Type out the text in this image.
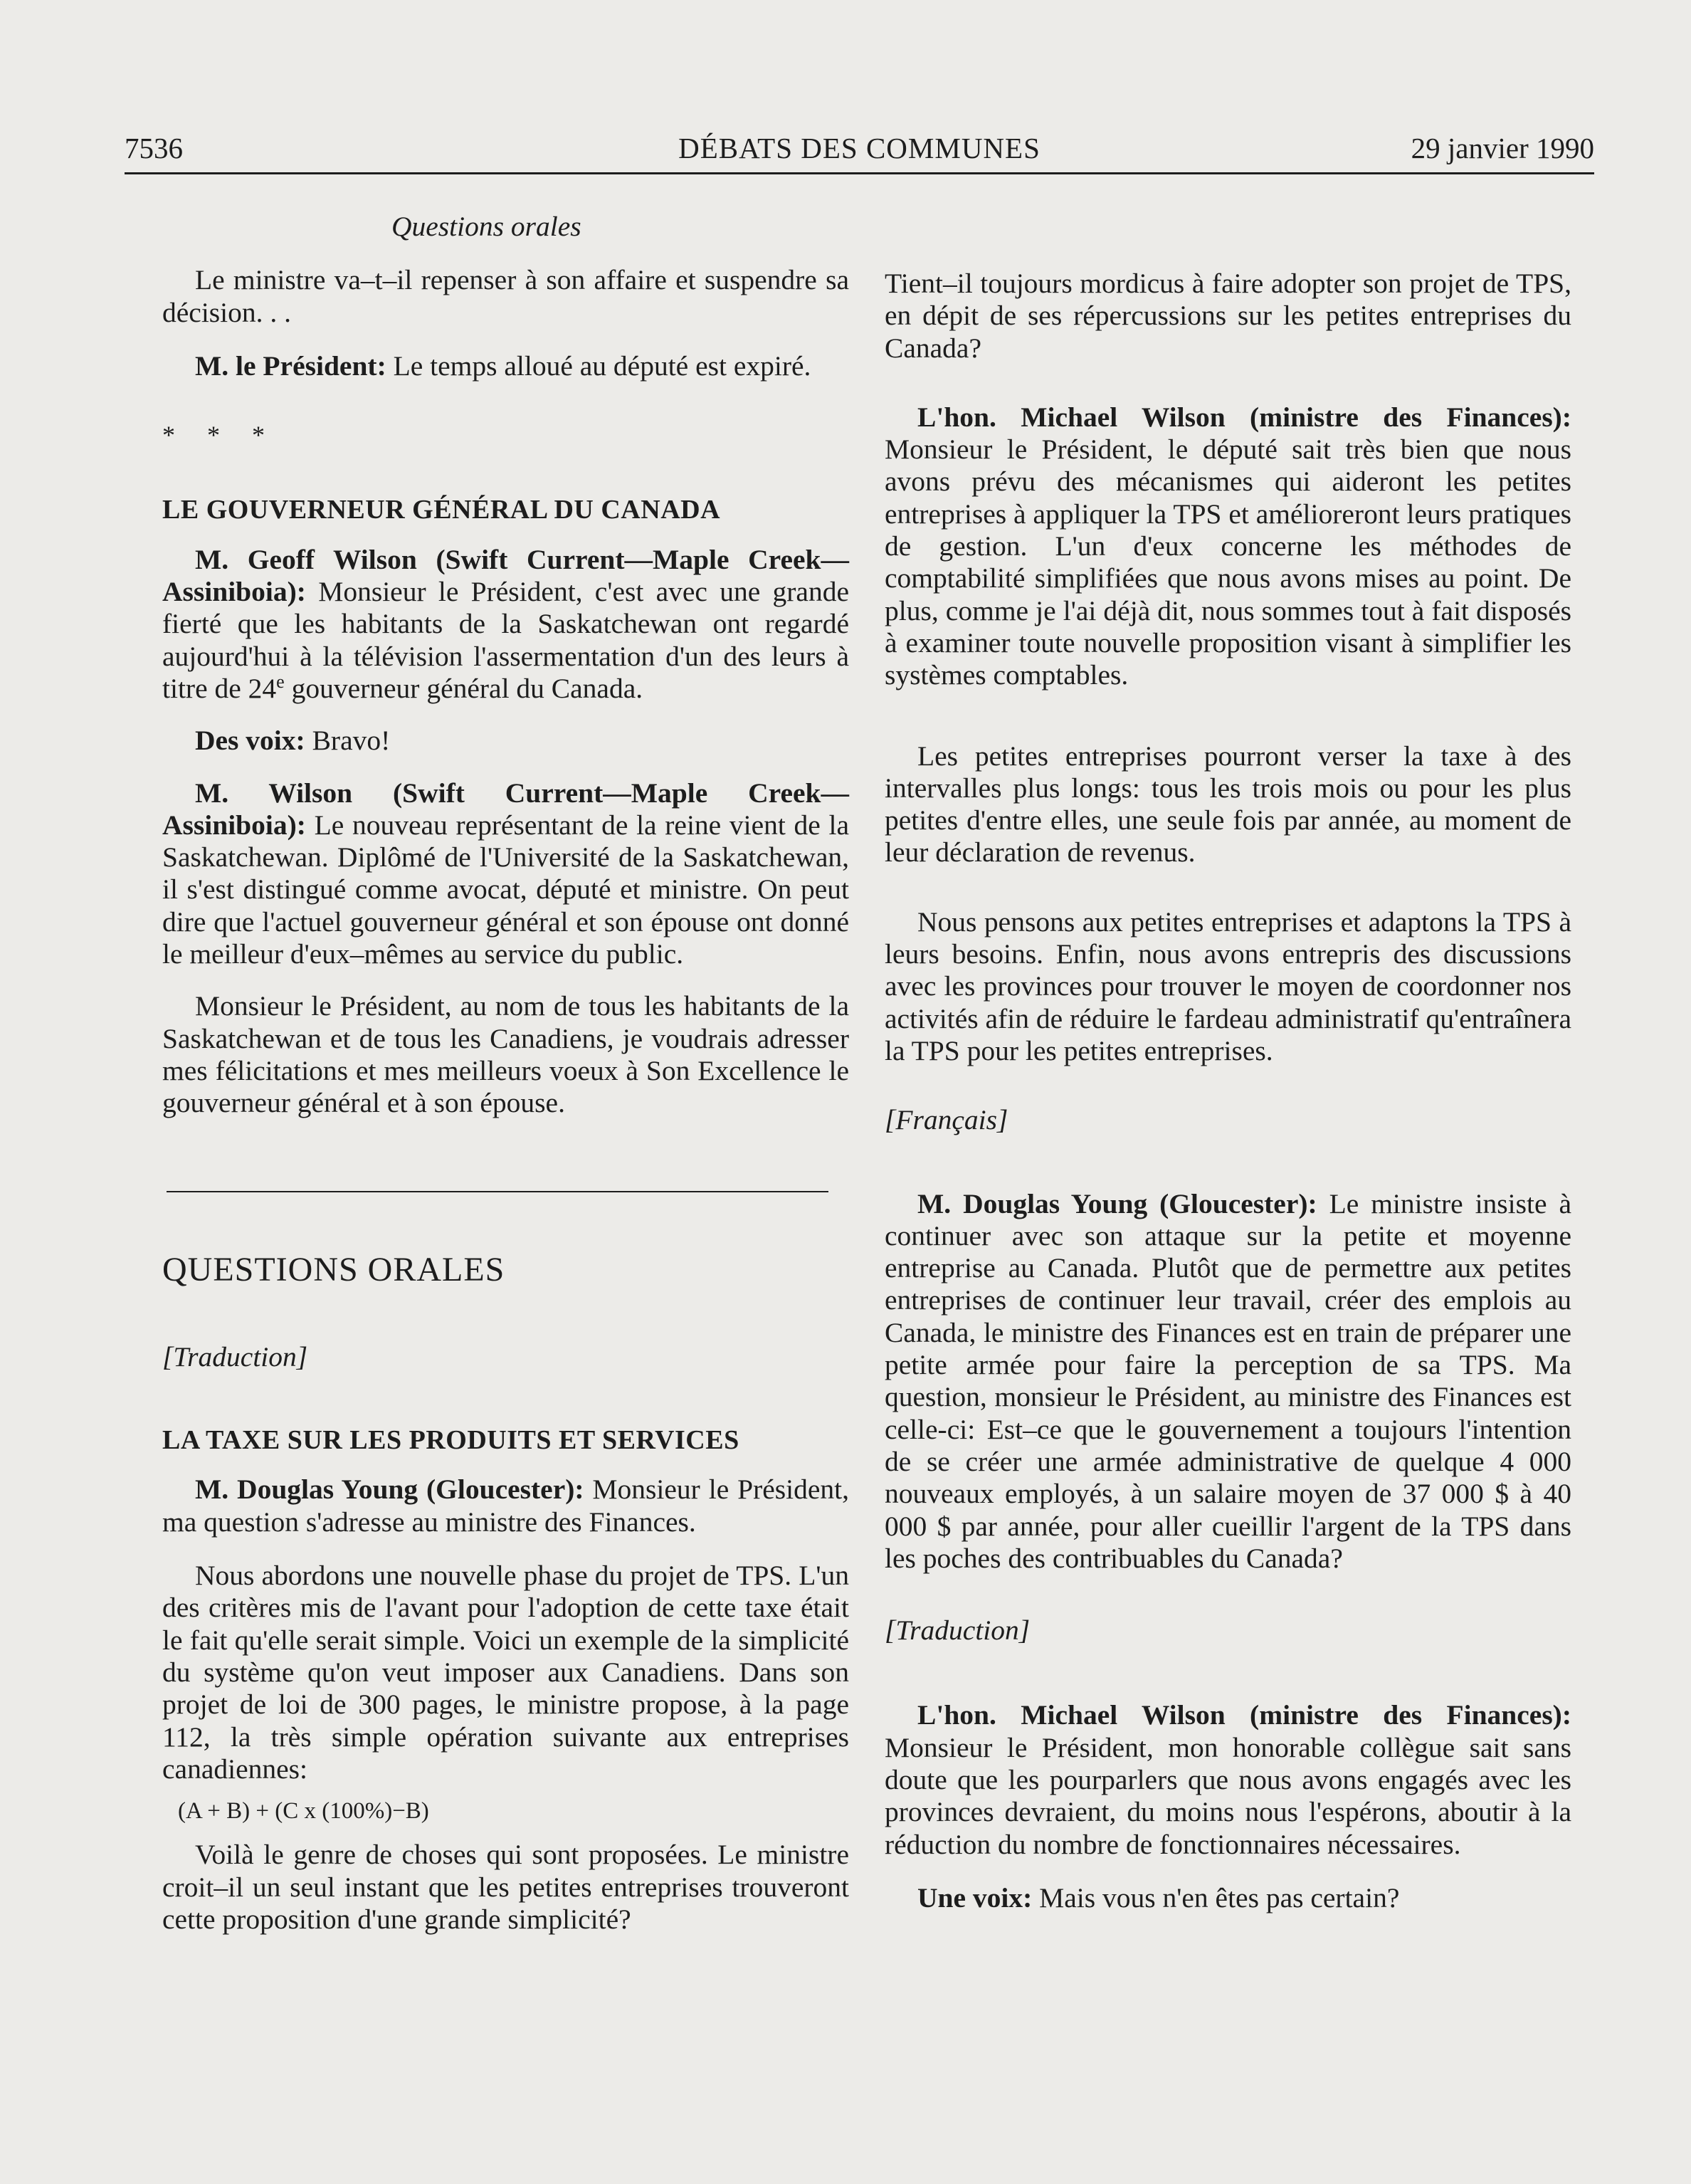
7536	DÉBATS DES COMMUNES	29 janvier 1990

Questions orales

Le ministre va–t–il repenser à son affaire et suspendre sa décision. . .

M. le Président: Le temps alloué au député est expiré.

* * *

LE GOUVERNEUR GÉNÉRAL DU CANADA

M. Geoff Wilson (Swift Current—Maple Creek—Assiniboia): Monsieur le Président, c'est avec une grande fierté que les habitants de la Saskatchewan ont regardé aujourd'hui à la télévision l'assermentation d'un des leurs à titre de 24e gouverneur général du Canada.

Des voix: Bravo!

M. Wilson (Swift Current—Maple Creek—Assiniboia): Le nouveau représentant de la reine vient de la Saskatchewan. Diplômé de l'Université de la Saskatchewan, il s'est distingué comme avocat, député et ministre. On peut dire que l'actuel gouverneur général et son épouse ont donné le meilleur d'eux–mêmes au service du public.

Monsieur le Président, au nom de tous les habitants de la Saskatchewan et de tous les Canadiens, je voudrais adresser mes félicitations et mes meilleurs voeux à Son Excellence le gouverneur général et à son épouse.

QUESTIONS ORALES

[Traduction]

LA TAXE SUR LES PRODUITS ET SERVICES

M. Douglas Young (Gloucester): Monsieur le Président, ma question s'adresse au ministre des Finances.

Nous abordons une nouvelle phase du projet de TPS. L'un des critères mis de l'avant pour l'adoption de cette taxe était le fait qu'elle serait simple. Voici un exemple de la simplicité du système qu'on veut imposer aux Canadiens. Dans son projet de loi de 300 pages, le ministre propose, à la page 112, la très simple opération suivante aux entreprises canadiennes:

(A + B) + (C x (100%)−B)

Voilà le genre de choses qui sont proposées. Le ministre croit–il un seul instant que les petites entreprises trouveront cette proposition d'une grande simplicité?

Tient–il toujours mordicus à faire adopter son projet de TPS, en dépit de ses répercussions sur les petites entreprises du Canada?

L'hon. Michael Wilson (ministre des Finances): Monsieur le Président, le député sait très bien que nous avons prévu des mécanismes qui aideront les petites entreprises à appliquer la TPS et amélioreront leurs pratiques de gestion. L'un d'eux concerne les méthodes de comptabilité simplifiées que nous avons mises au point. De plus, comme je l'ai déjà dit, nous sommes tout à fait disposés à examiner toute nouvelle proposition visant à simplifier les systèmes comptables.

Les petites entreprises pourront verser la taxe à des intervalles plus longs: tous les trois mois ou pour les plus petites d'entre elles, une seule fois par année, au moment de leur déclaration de revenus.

Nous pensons aux petites entreprises et adaptons la TPS à leurs besoins. Enfin, nous avons entrepris des discussions avec les provinces pour trouver le moyen de coordonner nos activités afin de réduire le fardeau administratif qu'entraînera la TPS pour les petites entreprises.

[Français]

M. Douglas Young (Gloucester): Le ministre insiste à continuer avec son attaque sur la petite et moyenne entreprise au Canada. Plutôt que de permettre aux petites entreprises de continuer leur travail, créer des emplois au Canada, le ministre des Finances est en train de préparer une petite armée pour faire la perception de sa TPS. Ma question, monsieur le Président, au ministre des Finances est celle-ci: Est–ce que le gouvernement a toujours l'intention de se créer une armée administrative de quelque 4 000 nouveaux employés, à un salaire moyen de 37 000 $ à 40 000 $ par année, pour aller cueillir l'argent de la TPS dans les poches des contribuables du Canada?

[Traduction]

L'hon. Michael Wilson (ministre des Finances): Monsieur le Président, mon honorable collègue sait sans doute que les pourparlers que nous avons engagés avec les provinces devraient, du moins nous l'espérons, aboutir à la réduction du nombre de fonctionnaires nécessaires.

Une voix: Mais vous n'en êtes pas certain?
